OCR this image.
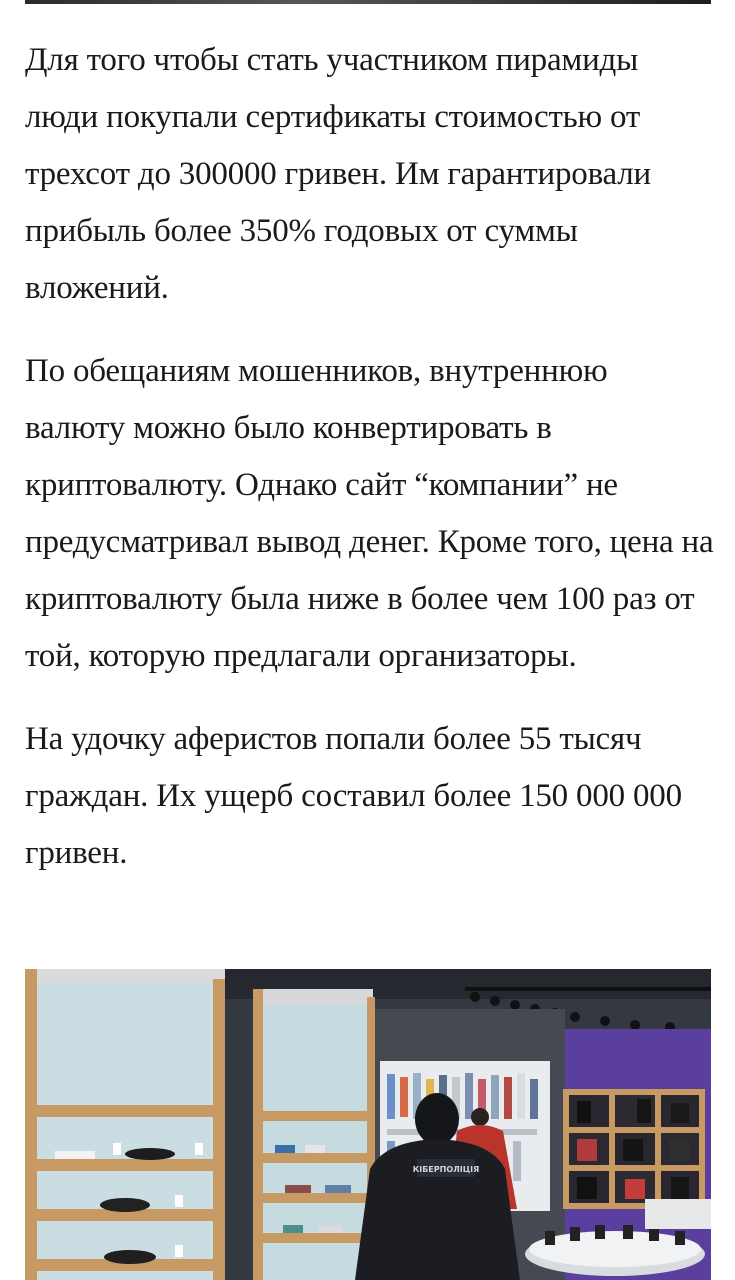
Для того чтобы стать участником пирамиды люди покупали сертификаты стоимостью от трехсот до 300000 гривен. Им гарантировали прибыль более 350% годовых от суммы вложений.

По обещаниям мошенников, внутреннюю валюту можно было конвертировать в криптовалюту. Однако сайт “компании” не предусматривал вывод денег. Кроме того, цена на криптовалюту была ниже в более чем 100 раз от той, которую предлагали организаторы.

На удочку аферистов попали более 55 тысяч граждан. Их ущерб составил более 150 000 000 гривен.

КІБЕРПОЛІЦІЯ
